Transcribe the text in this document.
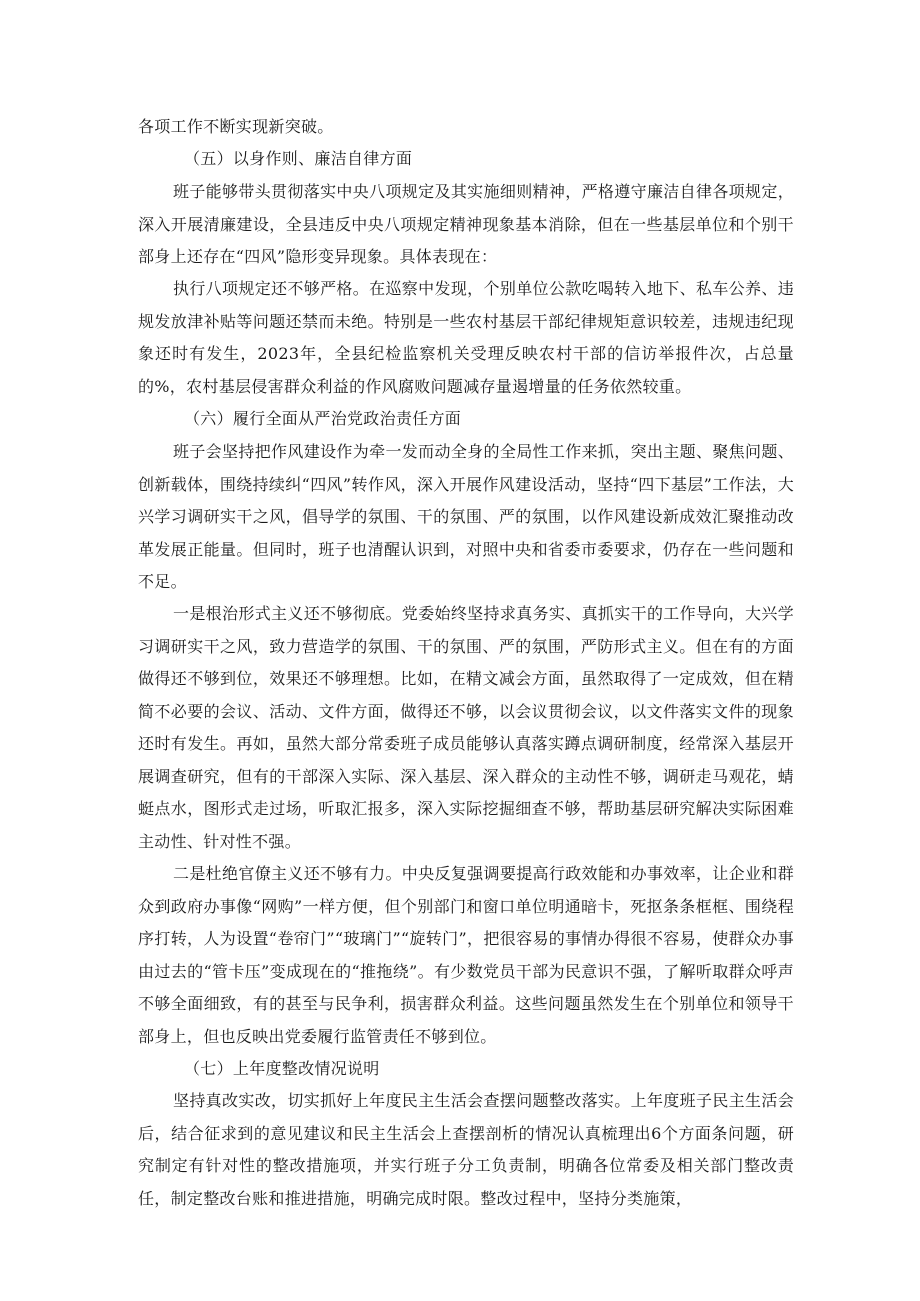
各项工作不断实现新突破。

（五）以身作则、廉洁自律方面

班子能够带头贯彻落实中央八项规定及其实施细则精神，严格遵守廉洁自律各项规定，深入开展清廉建设，全县违反中央八项规定精神现象基本消除，但在一些基层单位和个别干部身上还存在“四风”隐形变异现象。具体表现在：

执行八项规定还不够严格。在巡察中发现，个别单位公款吃喝转入地下、私车公养、违规发放津补贴等问题还禁而未绝。特别是一些农村基层干部纪律规矩意识较差，违规违纪现象还时有发生，2023年，全县纪检监察机关受理反映农村干部的信访举报件次，占总量的%，农村基层侵害群众利益的作风腐败问题减存量遏增量的任务依然较重。

（六）履行全面从严治党政治责任方面

班子会坚持把作风建设作为牵一发而动全身的全局性工作来抓，突出主题、聚焦问题、创新载体，围绕持续纠“四风”转作风，深入开展作风建设活动，坚持“四下基层”工作法，大兴学习调研实干之风，倡导学的氛围、干的氛围、严的氛围，以作风建设新成效汇聚推动改革发展正能量。但同时，班子也清醒认识到，对照中央和省委市委要求，仍存在一些问题和不足。

一是根治形式主义还不够彻底。党委始终坚持求真务实、真抓实干的工作导向，大兴学习调研实干之风，致力营造学的氛围、干的氛围、严的氛围，严防形式主义。但在有的方面做得还不够到位，效果还不够理想。比如，在精文减会方面，虽然取得了一定成效，但在精简不必要的会议、活动、文件方面，做得还不够，以会议贯彻会议，以文件落实文件的现象还时有发生。再如，虽然大部分常委班子成员能够认真落实蹲点调研制度，经常深入基层开展调查研究，但有的干部深入实际、深入基层、深入群众的主动性不够，调研走马观花，蜻蜓点水，图形式走过场，听取汇报多，深入实际挖掘细查不够，帮助基层研究解决实际困难主动性、针对性不强。

二是杜绝官僚主义还不够有力。中央反复强调要提高行政效能和办事效率，让企业和群众到政府办事像“网购”一样方便，但个别部门和窗口单位明通暗卡，死抠条条框框、围绕程序打转，人为设置“卷帘门”“玻璃门”“旋转门”，把很容易的事情办得很不容易，使群众办事由过去的“管卡压”变成现在的“推拖绕”。有少数党员干部为民意识不强，了解听取群众呼声不够全面细致，有的甚至与民争利，损害群众利益。这些问题虽然发生在个别单位和领导干部身上，但也反映出党委履行监管责任不够到位。

（七）上年度整改情况说明

坚持真改实改，切实抓好上年度民主生活会查摆问题整改落实。上年度班子民主生活会后，结合征求到的意见建议和民主生活会上查摆剖析的情况认真梳理出6个方面条问题，研究制定有针对性的整改措施项，并实行班子分工负责制，明确各位常委及相关部门整改责任，制定整改台账和推进措施，明确完成时限。整改过程中，坚持分类施策，
